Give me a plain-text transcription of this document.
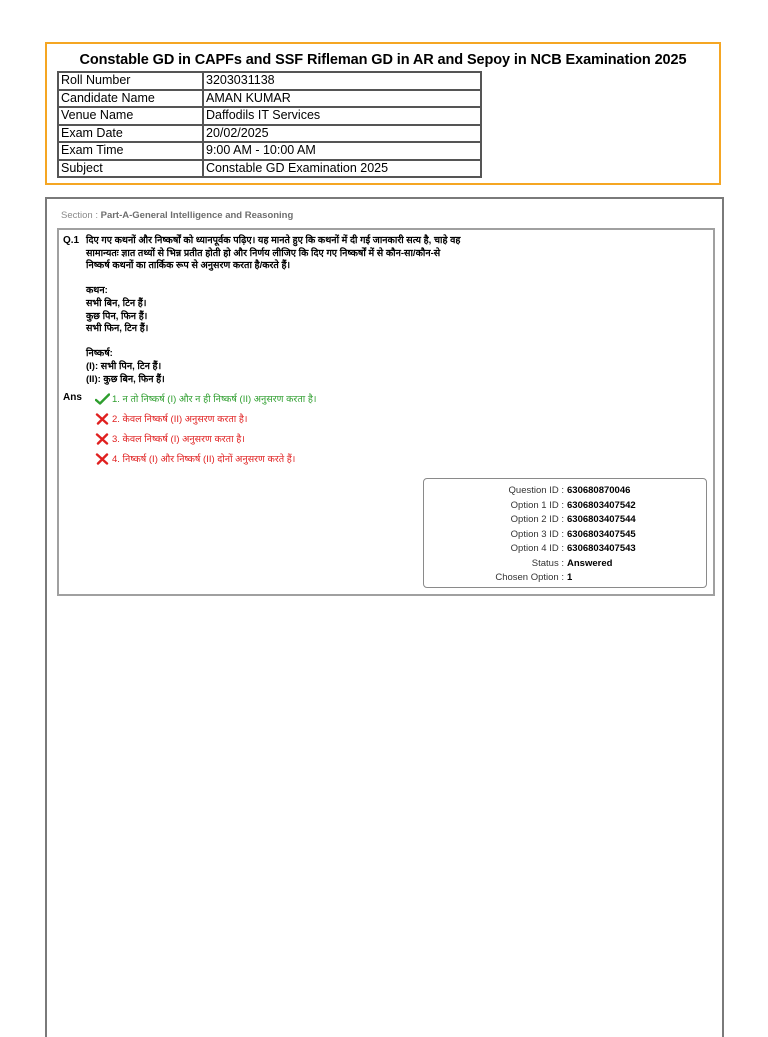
Constable GD in CAPFs and SSF Rifleman GD in AR and Sepoy in NCB Examination 2025
Roll Number	3203031138
Candidate Name	AMAN KUMAR
Venue Name	Daffodils IT Services
Exam Date	20/02/2025
Exam Time	9:00 AM - 10:00 AM
Subject	Constable GD Examination 2025
Section : Part-A-General Intelligence and Reasoning
Q.1 दिए गए कथनों और निष्कर्षों को ध्यानपूर्वक पढ़िए। यह मानते हुए कि कथनों में दी गई जानकारी सत्य है, चाहे वह

सामान्यतः ज्ञात तथ्यों से भिन्न प्रतीत होती हो और निर्णय लीजिए कि दिए गए निष्कर्षों में से कौन-सा/कौन-से

निष्कर्ष कथनों का तार्किक रूप से अनुसरण करता है/करते हैं।

कथन:

सभी बिन, टिन हैं।

कुछ पिन, फिन हैं।

सभी फिन, टिन हैं।

निष्कर्ष:

(I): सभी पिन, टिन हैं।

(II): कुछ बिन, फिन हैं।

Ans	1. न तो निष्कर्ष (I) और न ही निष्कर्ष (II) अनुसरण करता है।
2. केवल निष्कर्ष (II) अनुसरण करता है।
3. केवल निष्कर्ष (I) अनुसरण करता है।
4. निष्कर्ष (I) और निष्कर्ष (II) दोनों अनुसरण करते हैं।
Question ID : 630680870046
Option 1 ID : 6306803407542
Option 2 ID : 6306803407544
Option 3 ID : 6306803407545
Option 4 ID : 6306803407543
Status : Answered
Chosen Option : 1
